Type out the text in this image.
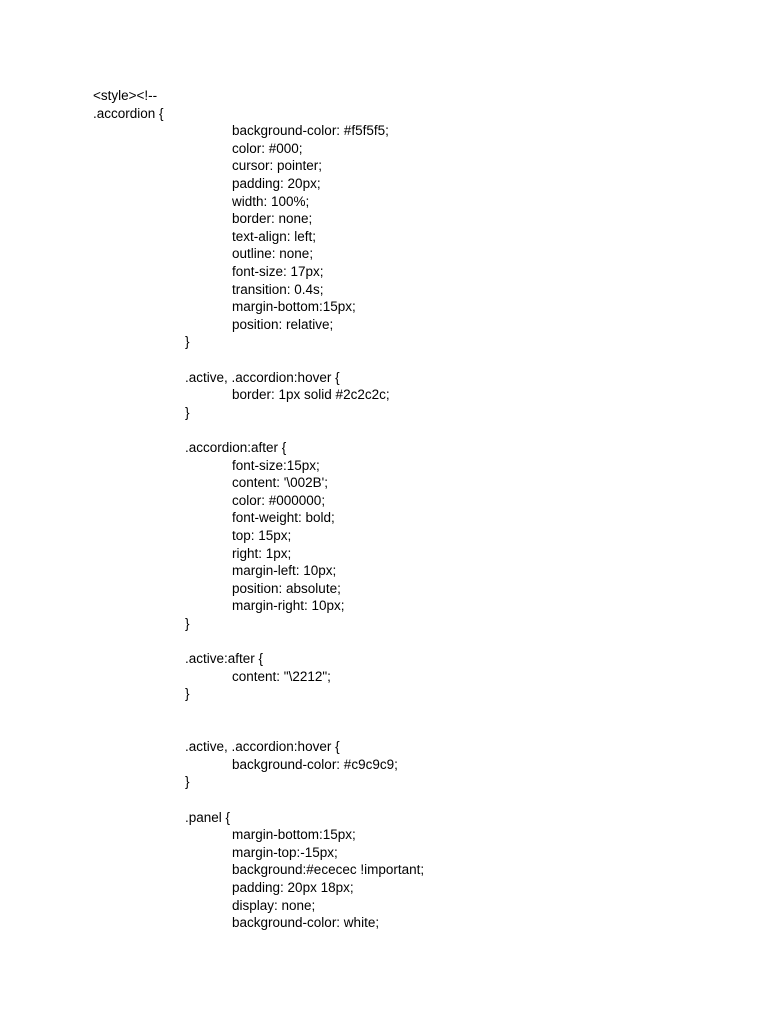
<style><!--
.accordion {
background-color: #f5f5f5;
color: #000;
cursor: pointer;
padding: 20px;
width: 100%;
border: none;
text-align: left;
outline: none;
font-size: 17px;
transition: 0.4s;
margin-bottom:15px;
position: relative;
}
.active, .accordion:hover {
border: 1px solid #2c2c2c;
}
.accordion:after {
font-size:15px;
content: '\002B';
color: #000000;
font-weight: bold;
top: 15px;
right: 1px;
margin-left: 10px;
position: absolute;
margin-right: 10px;
}
.active:after {
content: "\2212";
}
.active, .accordion:hover {
background-color: #c9c9c9;
}
.panel {
margin-bottom:15px;
margin-top:-15px;
background:#ececec !important;
padding: 20px 18px;
display: none;
background-color: white;
